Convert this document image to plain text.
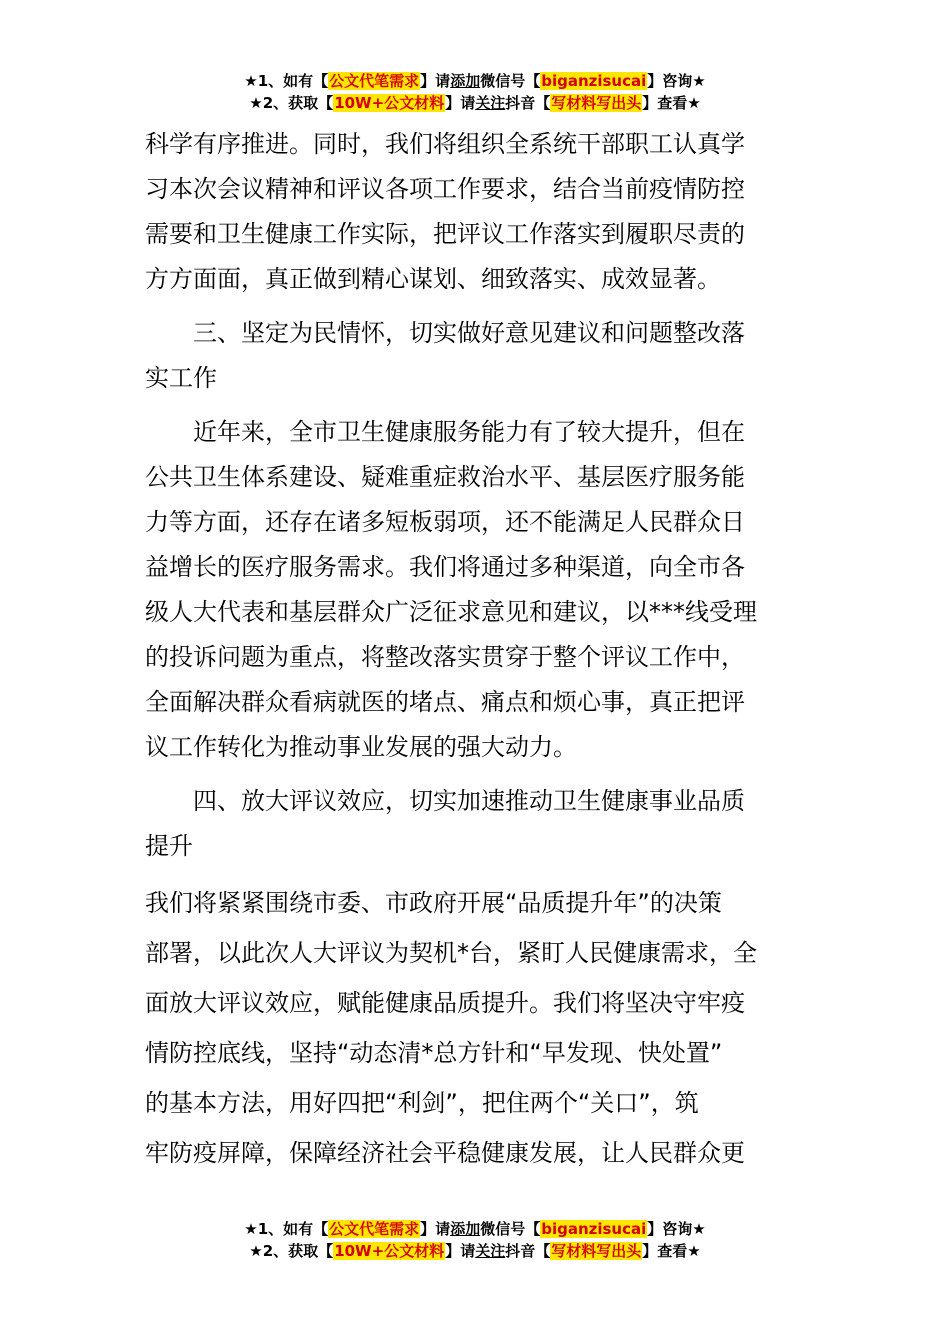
★1、如有【公文代笔需求】请添加微信号【biganzisucai】咨询★
★2、获取【10W+公文材料】请关注抖音【写材料写出头】查看★
科学有序推进。同时，我们将组织全系统干部职工认真学
习本次会议精神和评议各项工作要求，结合当前疫情防控
需要和卫生健康工作实际，把评议工作落实到履职尽责的
方方面面，真正做到精心谋划、细致落实、成效显著。
三、坚定为民情怀，切实做好意见建议和问题整改落
实工作
近年来，全市卫生健康服务能力有了较大提升，但在
公共卫生体系建设、疑难重症救治水平、基层医疗服务能
力等方面，还存在诸多短板弱项，还不能满足人民群众日
益增长的医疗服务需求。我们将通过多种渠道，向全市各
级人大代表和基层群众广泛征求意见和建议，以***线受理
的投诉问题为重点，将整改落实贯穿于整个评议工作中，
全面解决群众看病就医的堵点、痛点和烦心事，真正把评
议工作转化为推动事业发展的强大动力。
四、放大评议效应，切实加速推动卫生健康事业品质
提升
我们将紧紧围绕市委、市政府开展“品质提升年”的决策
部署，以此次人大评议为契机*台，紧盯人民健康需求，全
面放大评议效应，赋能健康品质提升。我们将坚决守牢疫
情防控底线，坚持“动态清*总方针和“早发现、快处置”
的基本方法，用好四把“利剑”，把住两个“关口”，筑
牢防疫屏障，保障经济社会平稳健康发展，让人民群众更
★1、如有【公文代笔需求】请添加微信号【biganzisucai】咨询★
★2、获取【10W+公文材料】请关注抖音【写材料写出头】查看★
